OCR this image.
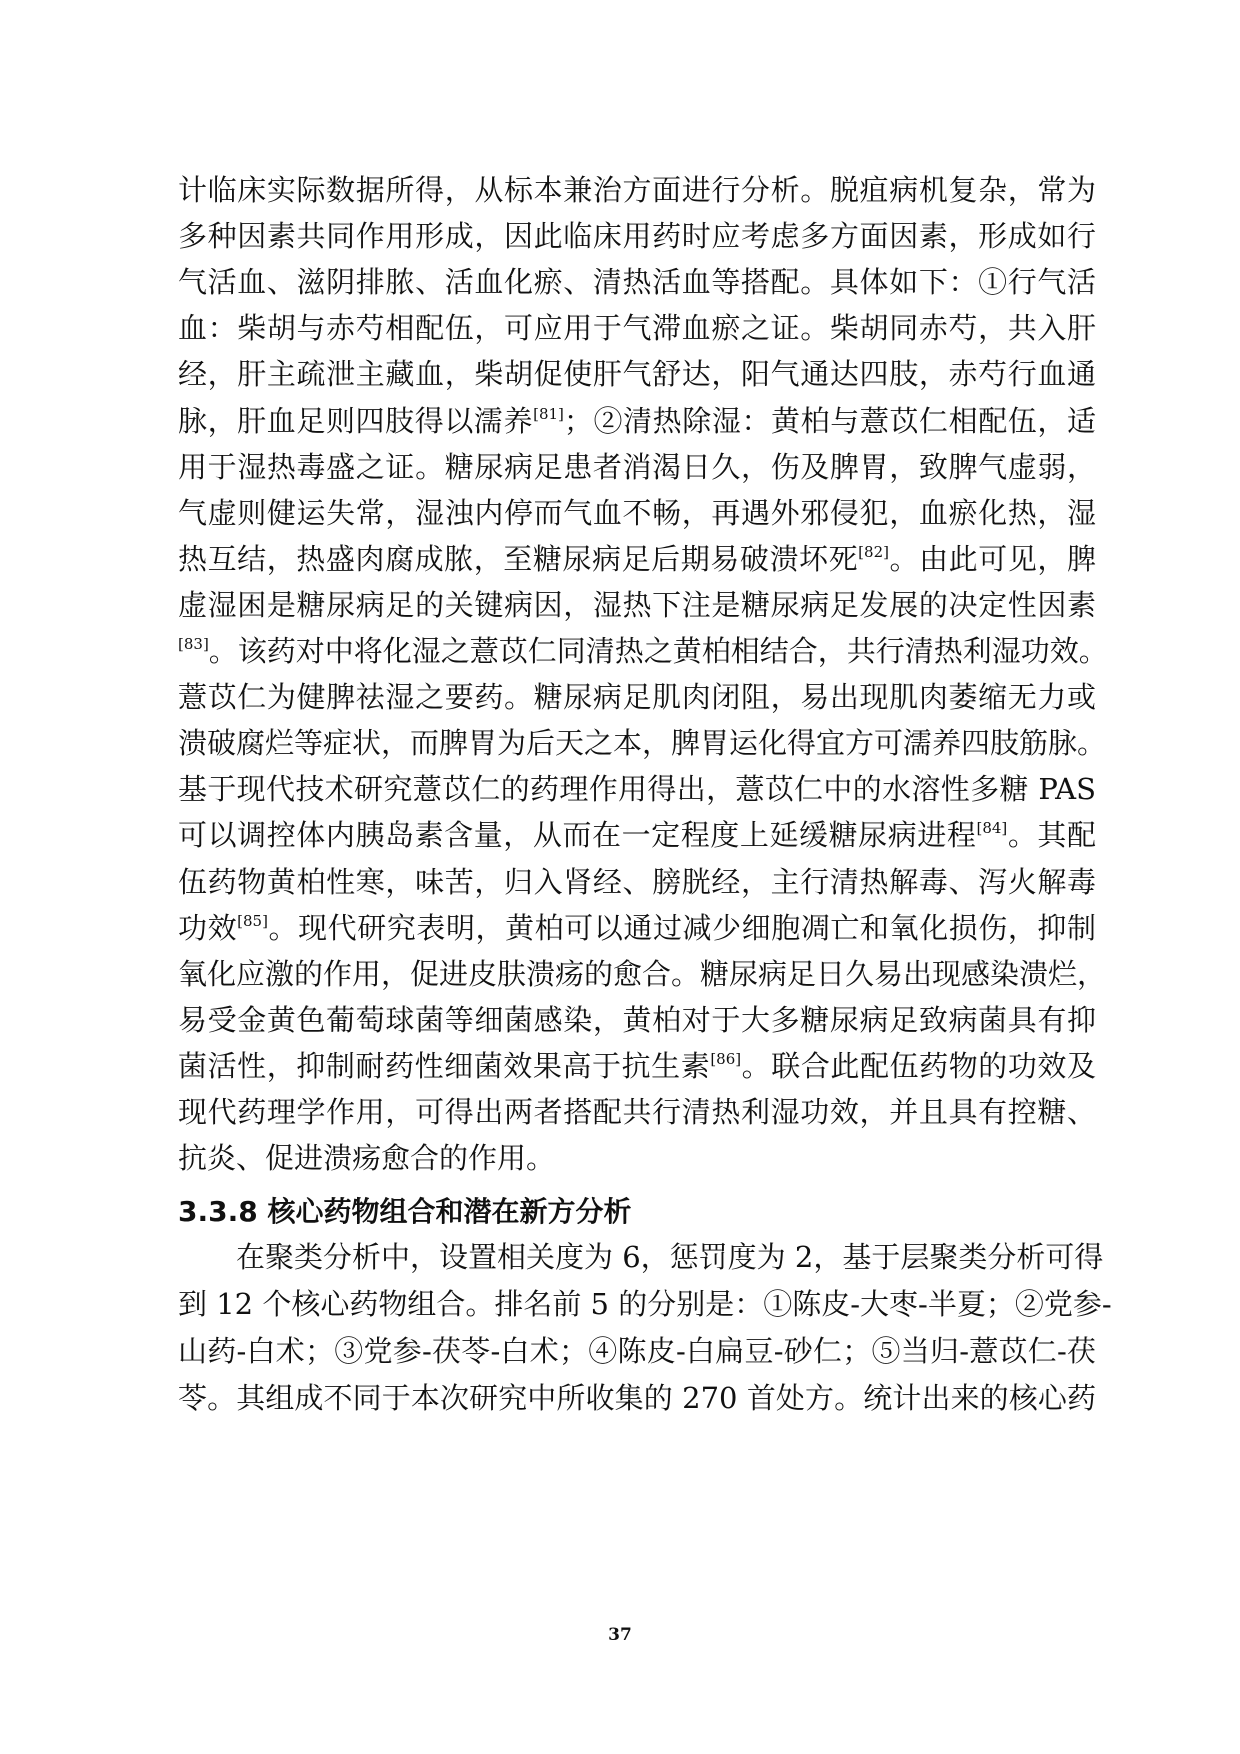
计临床实际数据所得，从标本兼治方面进行分析。脱疽病机复杂，常为
多种因素共同作用形成，因此临床用药时应考虑多方面因素，形成如行
气活血、滋阴排脓、活血化瘀、清热活血等搭配。具体如下：①行气活
血：柴胡与赤芍相配伍，可应用于气滞血瘀之证。柴胡同赤芍，共入肝
经，肝主疏泄主藏血，柴胡促使肝气舒达，阳气通达四肢，赤芍行血通
脉，肝血足则四肢得以濡养[81]；②清热除湿：黄柏与薏苡仁相配伍，适
用于湿热毒盛之证。糖尿病足患者消渴日久，伤及脾胃，致脾气虚弱，
气虚则健运失常，湿浊内停而气血不畅，再遇外邪侵犯，血瘀化热，湿
热互结，热盛肉腐成脓，至糖尿病足后期易破溃坏死[82]。由此可见，脾
虚湿困是糖尿病足的关键病因，湿热下注是糖尿病足发展的决定性因素
[83]。该药对中将化湿之薏苡仁同清热之黄柏相结合，共行清热利湿功效。
薏苡仁为健脾祛湿之要药。糖尿病足肌肉闭阻，易出现肌肉萎缩无力或
溃破腐烂等症状，而脾胃为后天之本，脾胃运化得宜方可濡养四肢筋脉。
基于现代技术研究薏苡仁的药理作用得出，薏苡仁中的水溶性多糖 PAS
可以调控体内胰岛素含量，从而在一定程度上延缓糖尿病进程[84]。其配
伍药物黄柏性寒，味苦，归入肾经、膀胱经，主行清热解毒、泻火解毒
功效[85]。现代研究表明，黄柏可以通过减少细胞凋亡和氧化损伤，抑制
氧化应激的作用，促进皮肤溃疡的愈合。糖尿病足日久易出现感染溃烂，
易受金黄色葡萄球菌等细菌感染，黄柏对于大多糖尿病足致病菌具有抑
菌活性，抑制耐药性细菌效果高于抗生素[86]。联合此配伍药物的功效及
现代药理学作用，可得出两者搭配共行清热利湿功效，并且具有控糖、
抗炎、促进溃疡愈合的作用。
3.3.8 核心药物组合和潜在新方分析
在聚类分析中，设置相关度为 6，惩罚度为 2，基于层聚类分析可得
到 12 个核心药物组合。排名前 5 的分别是：①陈皮-大枣-半夏；②党参-
山药-白术；③党参-茯苓-白术；④陈皮-白扁豆-砂仁；⑤当归-薏苡仁-茯
苓。其组成不同于本次研究中所收集的 270 首处方。统计出来的核心药
37
